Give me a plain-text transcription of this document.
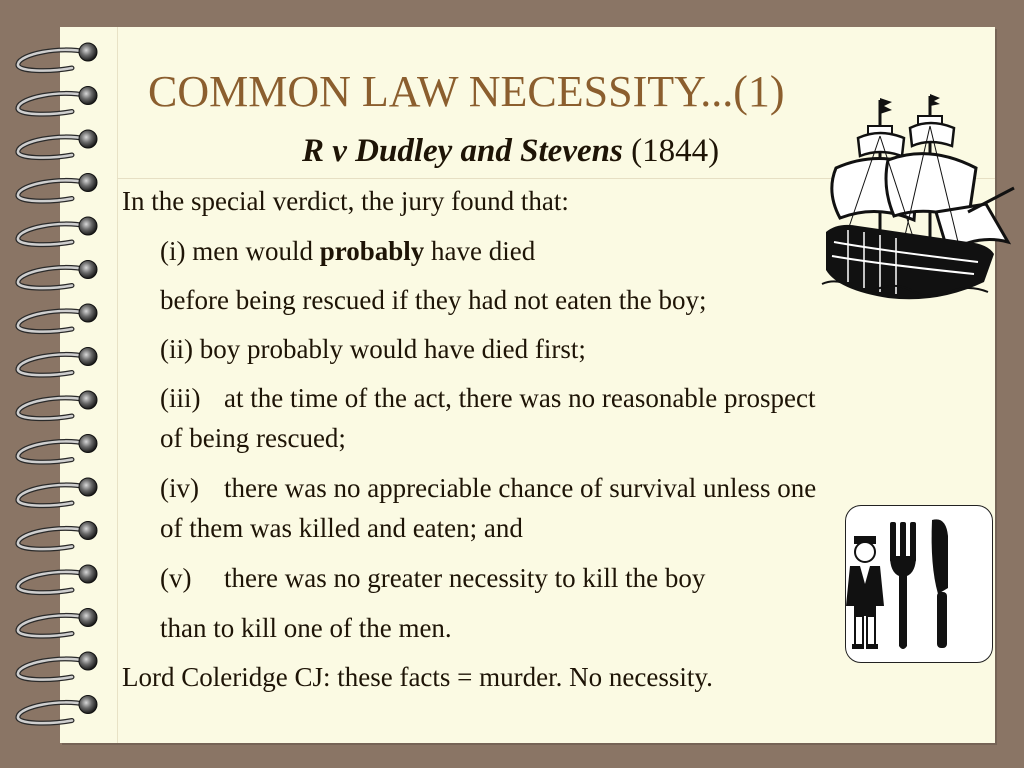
COMMON LAW NECESSITY...(1)

R v Dudley and Stevens (1844)

In the special verdict, the jury found that:
(i) men would probably have died
before being rescued if they had not eaten the boy;
(ii) boy probably would have died first;
(iii) at the time of the act, there was no reasonable prospect
of being rescued;
(iv) there was no appreciable chance of survival unless one
of them was killed and eaten; and
(v) there was no greater necessity to kill the boy
than to kill one of the men.
Lord Coleridge CJ: these facts = murder. No necessity.
